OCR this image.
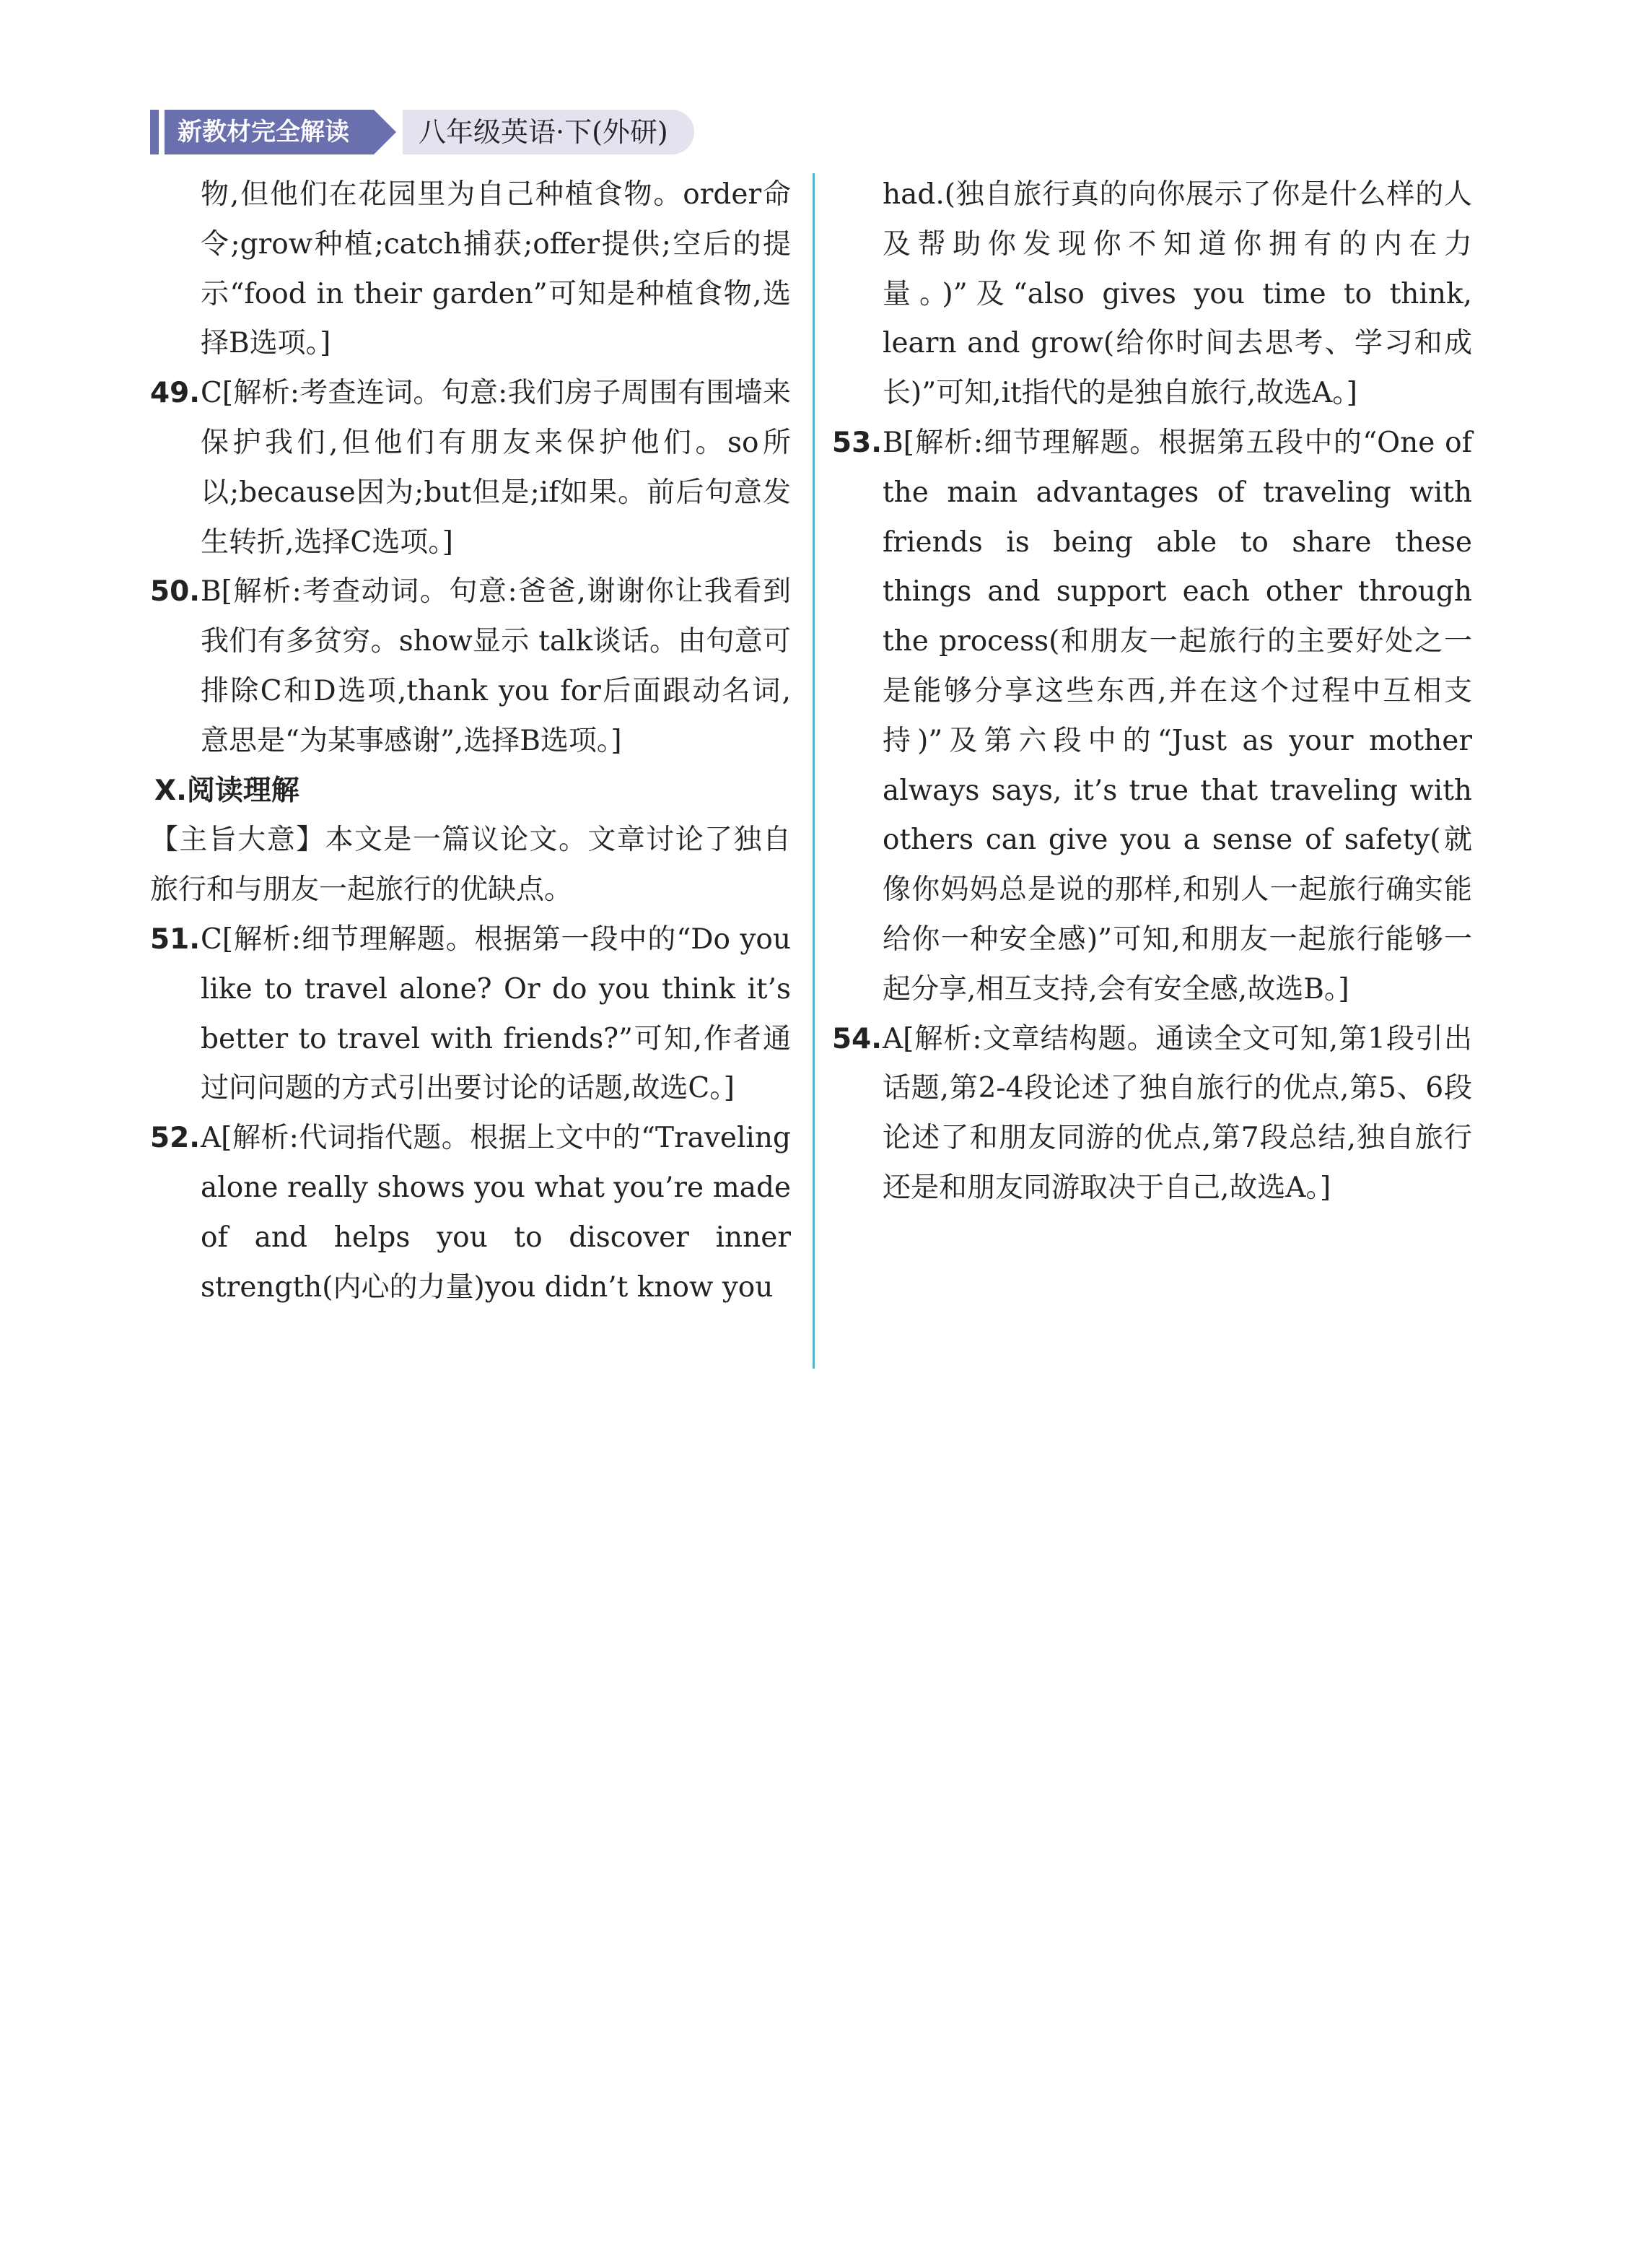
新教材完全解读	八年级英语·下(外研)
物,但他们在花园里为自己种植食物。order命令;grow种植;catch捕获;offer提供;空后的提示“food in their garden”可知是种植食物,选择B选项。]
49. C[解析:考查连词。句意:我们房子周围有围墙来保护我们,但他们有朋友来保护他们。so所以;because因为;but但是;if如果。前后句意发生转折,选择C选项。]
50. B[解析:考查动词。句意:爸爸,谢谢你让我看到我们有多贫穷。show显示 talk谈话。由句意可排除C和D选项,thank you for后面跟动名词,意思是“为某事感谢”,选择B选项。]
Ⅹ.阅读理解
【主旨大意】本文是一篇议论文。文章讨论了独自旅行和与朋友一起旅行的优缺点。
51. C[解析:细节理解题。根据第一段中的“Do you like to travel alone? Or do you think it’s better to travel with friends?”可知,作者通过问问题的方式引出要讨论的话题,故选C。]
52. A[解析:代词指代题。根据上文中的“Traveling alone really shows you what you’re made of and helps you to discover inner strength(内心的力量)you didn’t know you
had.(独自旅行真的向你展示了你是什么样的人及帮助你发现你不知道你拥有的内在力量。)”及“also gives you time to think, learn and grow(给你时间去思考、学习和成长)”可知,it指代的是独自旅行,故选A。]
53. B[解析:细节理解题。根据第五段中的“One of the main advantages of traveling with friends is being able to share these things and support each other through the process(和朋友一起旅行的主要好处之一是能够分享这些东西,并在这个过程中互相支持)”及第六段中的“Just as your mother always says, it’s true that traveling with others can give you a sense of safety(就像你妈妈总是说的那样,和别人一起旅行确实能给你一种安全感)”可知,和朋友一起旅行能够一起分享,相互支持,会有安全感,故选B。]
54. A[解析:文章结构题。通读全文可知,第1段引出话题,第2-4段论述了独自旅行的优点,第5、6段论述了和朋友同游的优点,第7段总结,独自旅行还是和朋友同游取决于自己,故选A。]
